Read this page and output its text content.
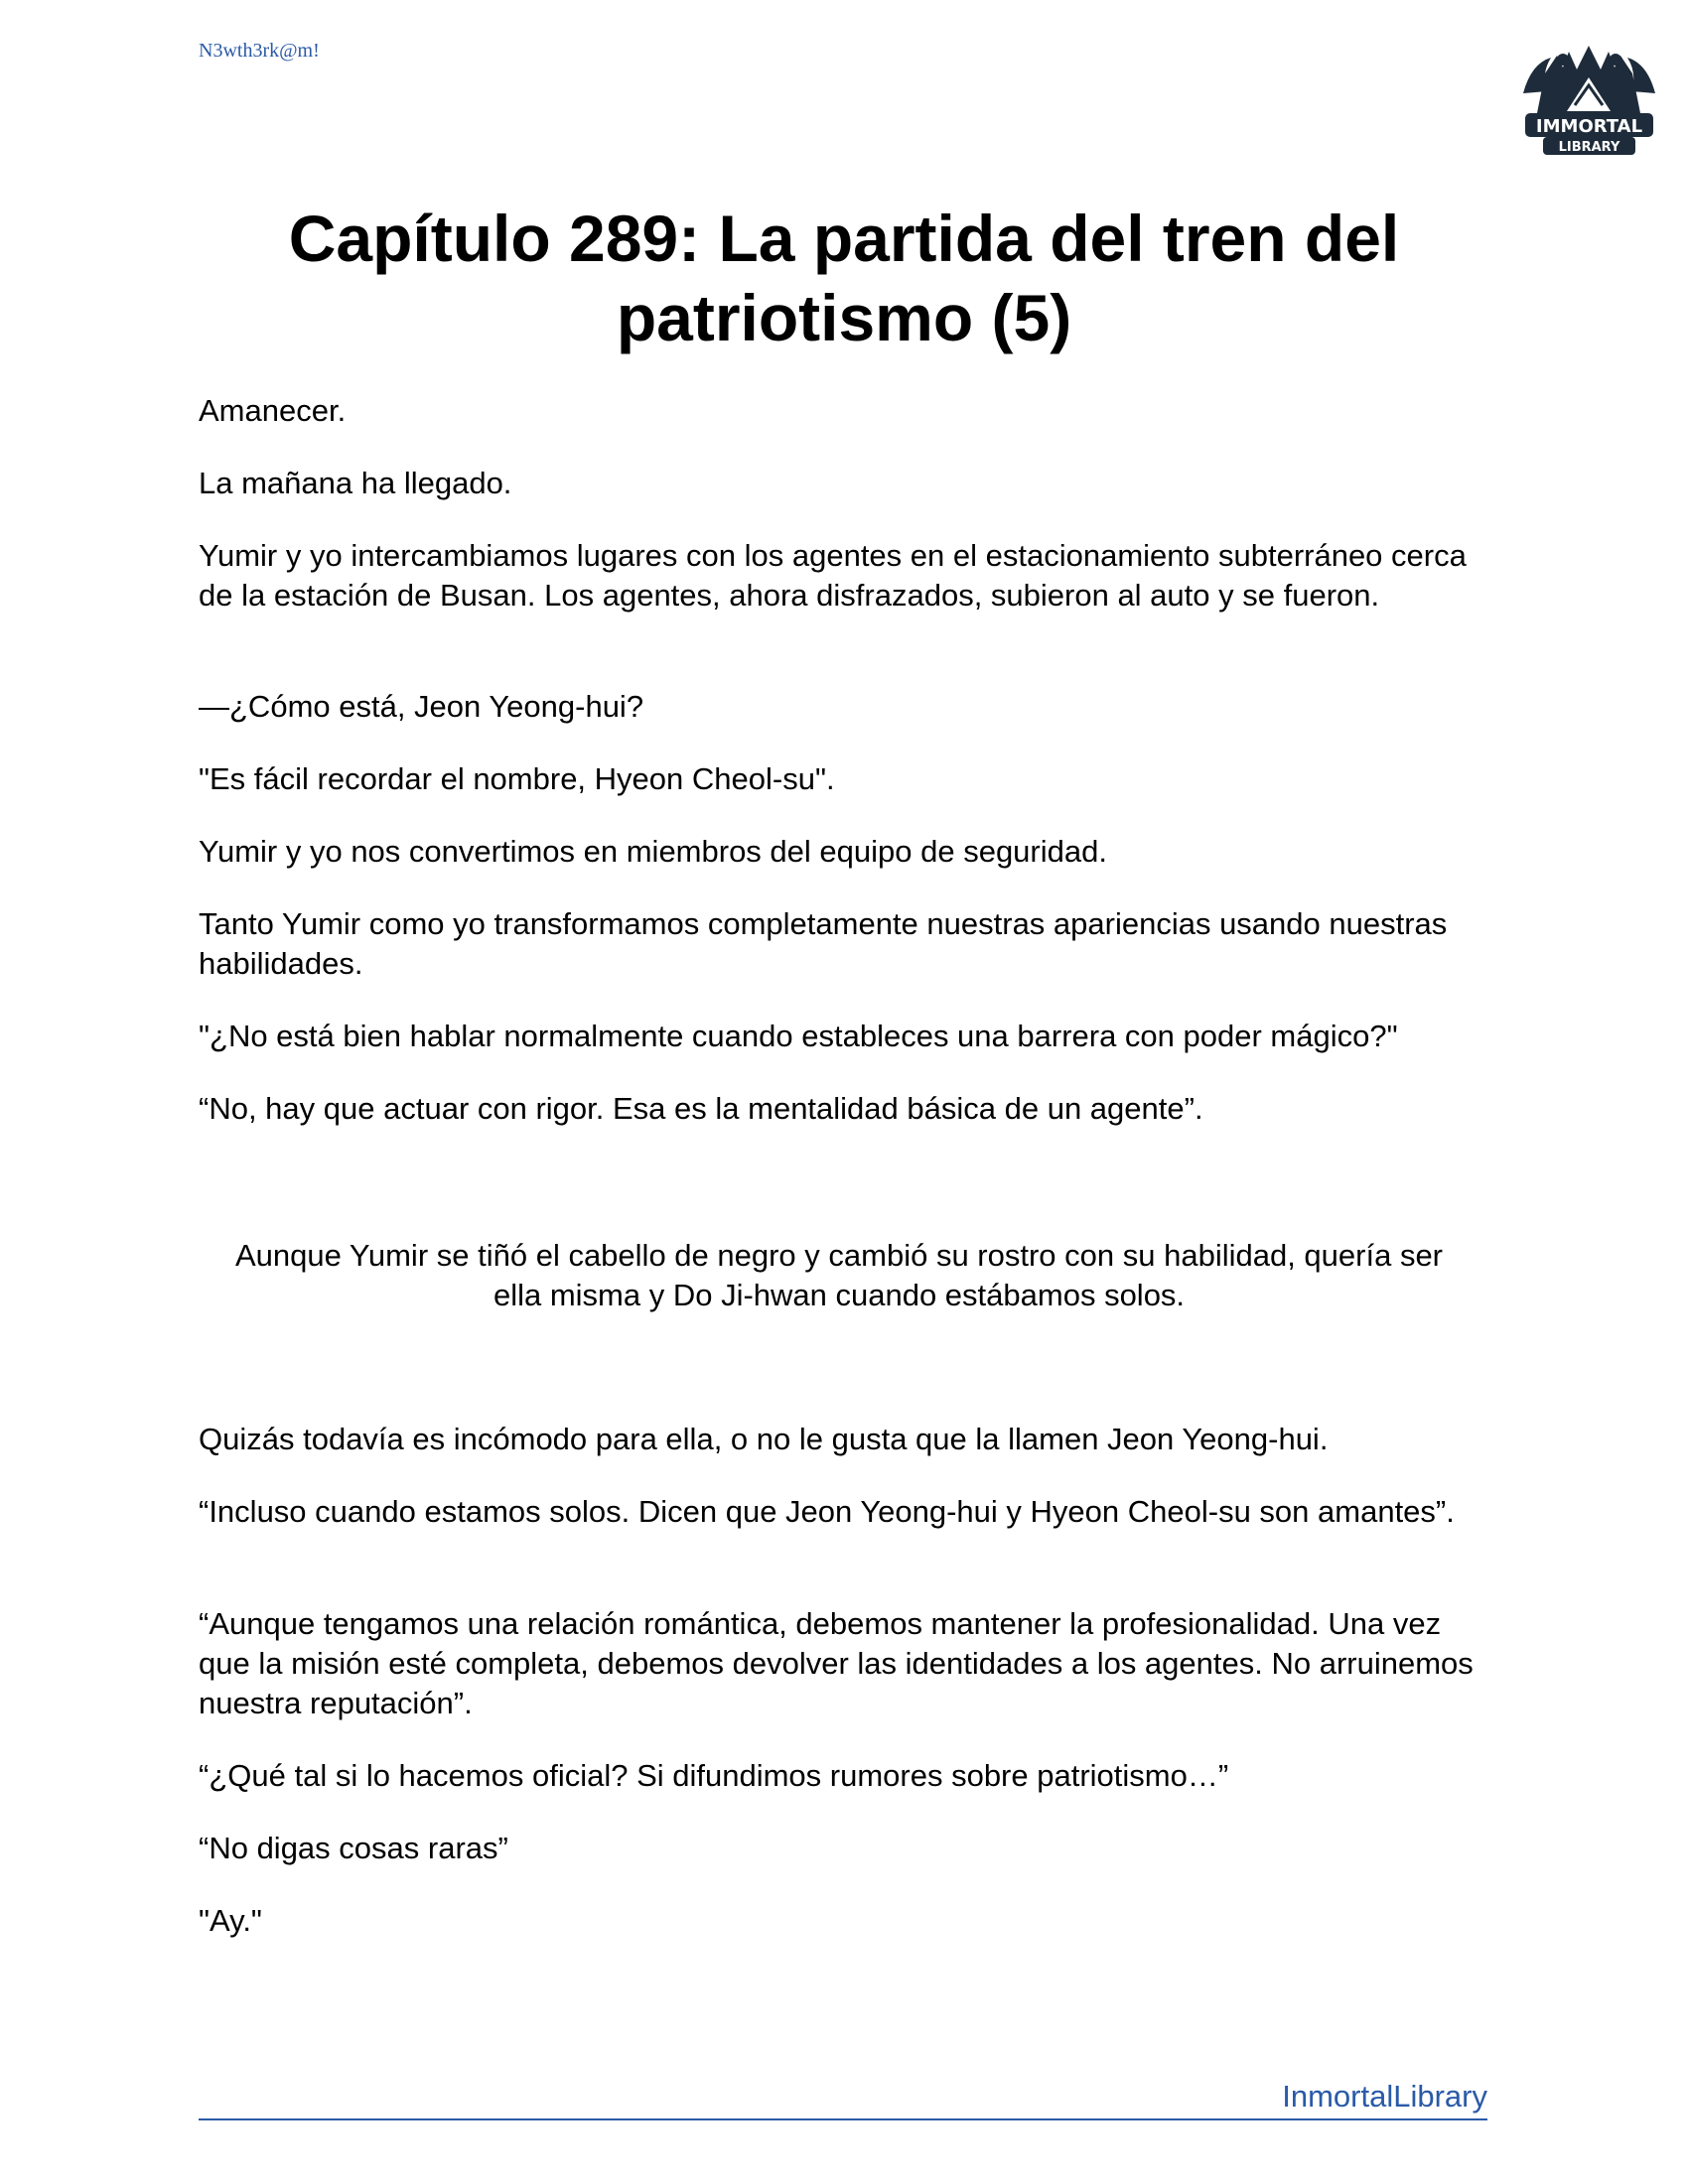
N3wth3rk@m!
IMMORTAL
LIBRARY
Capítulo 289: La partida del tren del
patriotismo (5)

Amanecer.

La mañana ha llegado.

Yumir y yo intercambiamos lugares con los agentes en el estacionamiento subterráneo cerca de la estación de Busan. Los agentes, ahora disfrazados, subieron al auto y se fueron.

—¿Cómo está, Jeon Yeong-hui?

"Es fácil recordar el nombre, Hyeon Cheol-su".

Yumir y yo nos convertimos en miembros del equipo de seguridad.

Tanto Yumir como yo transformamos completamente nuestras apariencias usando nuestras habilidades.

"¿No está bien hablar normalmente cuando estableces una barrera con poder mágico?"

“No, hay que actuar con rigor. Esa es la mentalidad básica de un agente”.

Aunque Yumir se tiñó el cabello de negro y cambió su rostro con su habilidad, quería ser ella misma y Do Ji-hwan cuando estábamos solos.

Quizás todavía es incómodo para ella, o no le gusta que la llamen Jeon Yeong-hui.

“Incluso cuando estamos solos. Dicen que Jeon Yeong-hui y Hyeon Cheol-su son amantes”.

“Aunque tengamos una relación romántica, debemos mantener la profesionalidad. Una vez que la misión esté completa, debemos devolver las identidades a los agentes. No arruinemos nuestra reputación”.

“¿Qué tal si lo hacemos oficial? Si difundimos rumores sobre patriotismo…”

“No digas cosas raras”

"Ay."

InmortalLibrary
